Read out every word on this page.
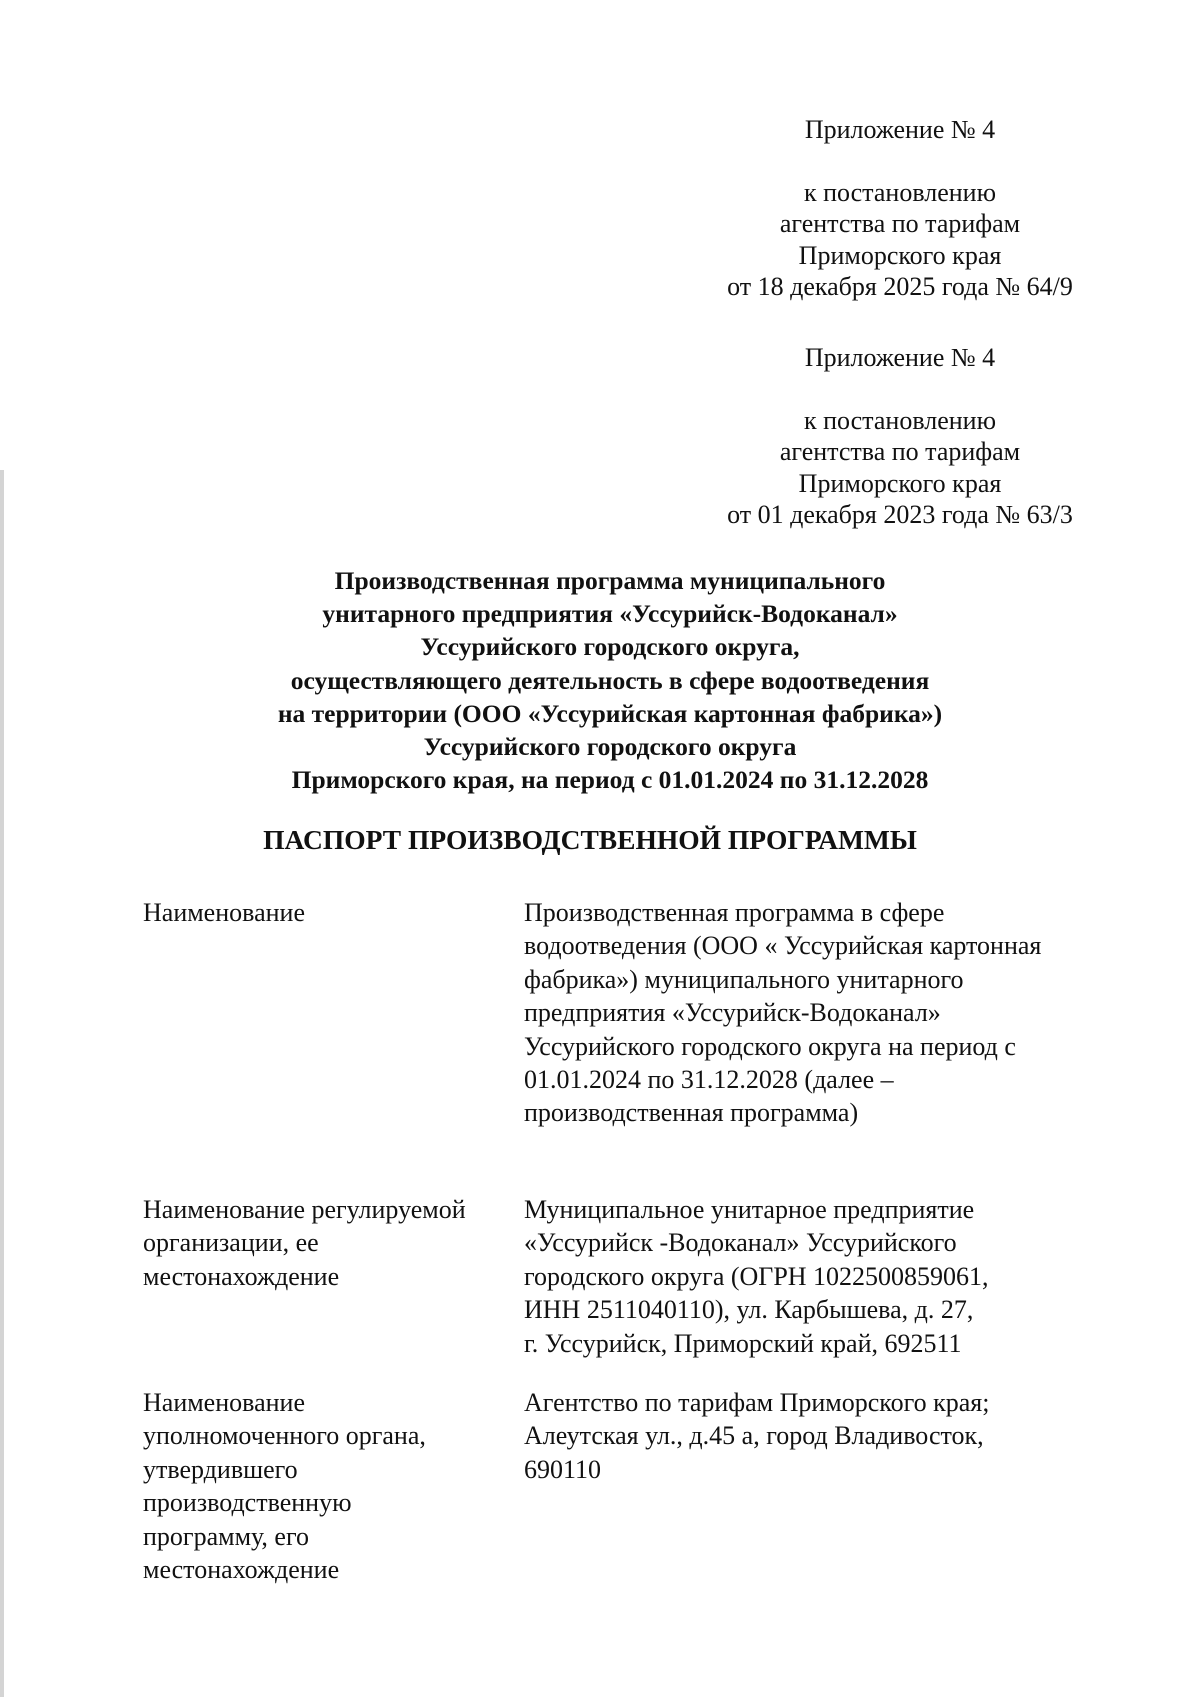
Приложение № 4
к постановлению
агентства по тарифам
Приморского края
от 18 декабря 2025 года № 64/9
Приложение № 4
к постановлению
агентства по тарифам
Приморского края
от 01 декабря 2023 года № 63/3
Производственная программа муниципального
унитарного предприятия «Уссурийск-Водоканал»
Уссурийского городского округа,
осуществляющего деятельность в сфере водоотведения
на территории (ООО «Уссурийская картонная фабрика»)
Уссурийского городского округа
Приморского края, на период с 01.01.2024 по 31.12.2028
ПАСПОРТ ПРОИЗВОДСТВЕННОЙ ПРОГРАММЫ
Наименование	Производственная программа в сфере
водоотведения (ООО « Уссурийская картонная
фабрика») муниципального унитарного
предприятия «Уссурийск-Водоканал»
Уссурийского городского округа на период с
01.01.2024 по 31.12.2028 (далее –
производственная программа)
Наименование регулируемой
организации, ее
местонахождение
Муниципальное унитарное предприятие
«Уссурийск -Водоканал» Уссурийского
городского округа (ОГРН 1022500859061,
ИНН 2511040110), ул. Карбышева, д. 27,
г. Уссурийск, Приморский край, 692511
Наименование
уполномоченного органа,
утвердившего
производственную
программу, его
местонахождение
Агентство по тарифам Приморского края;
Алеутская ул., д.45 а, город Владивосток,
690110
